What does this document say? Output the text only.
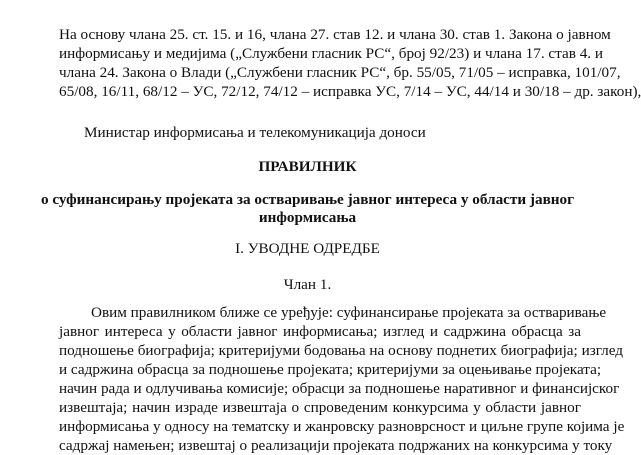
На основу члана 25. ст. 15. и 16, члана 27. став 12. и члана 30. став 1. Закона о јавном
информисању и медијима („Службени гласник РС“, број 92/23) и члана 17. став 4. и
члана 24. Закона о Влади („Службени гласник РС“, бр. 55/05, 71/05 – исправка, 101/07,
65/08, 16/11, 68/12 – УС, 72/12, 74/12 – исправка УС, 7/14 – УС, 44/14 и 30/18 – др. закон),
Министар информисања и телекомуникација доноси
ПРАВИЛНИК
о суфинансирању пројеката за остваривање јавног интереса у области јавног
информисања
I. УВОДНЕ ОДРЕДБЕ
Члан 1.
Овим правилником ближе се уређује: суфинансирање пројеката за остваривање
јавног интереса у области јавног информисања; изглед и садржина обрасца за
подношење биографија; критеријуми бодовања на основу поднетих биографија; изглед
и садржина обрасца за подношење пројеката; критеријуми за оцењивање пројеката;
начин рада и одлучивања комисије; обрасци за подношење наративног и финансијског
извештаја; начин израде извештаја о спроведеним конкурсима у области јавног
информисања у односу на тематску и жанровску разноврсност и циљне групе којима је
садржај намењен; извештај о реализацији пројеката подржаних на конкурсима у току
